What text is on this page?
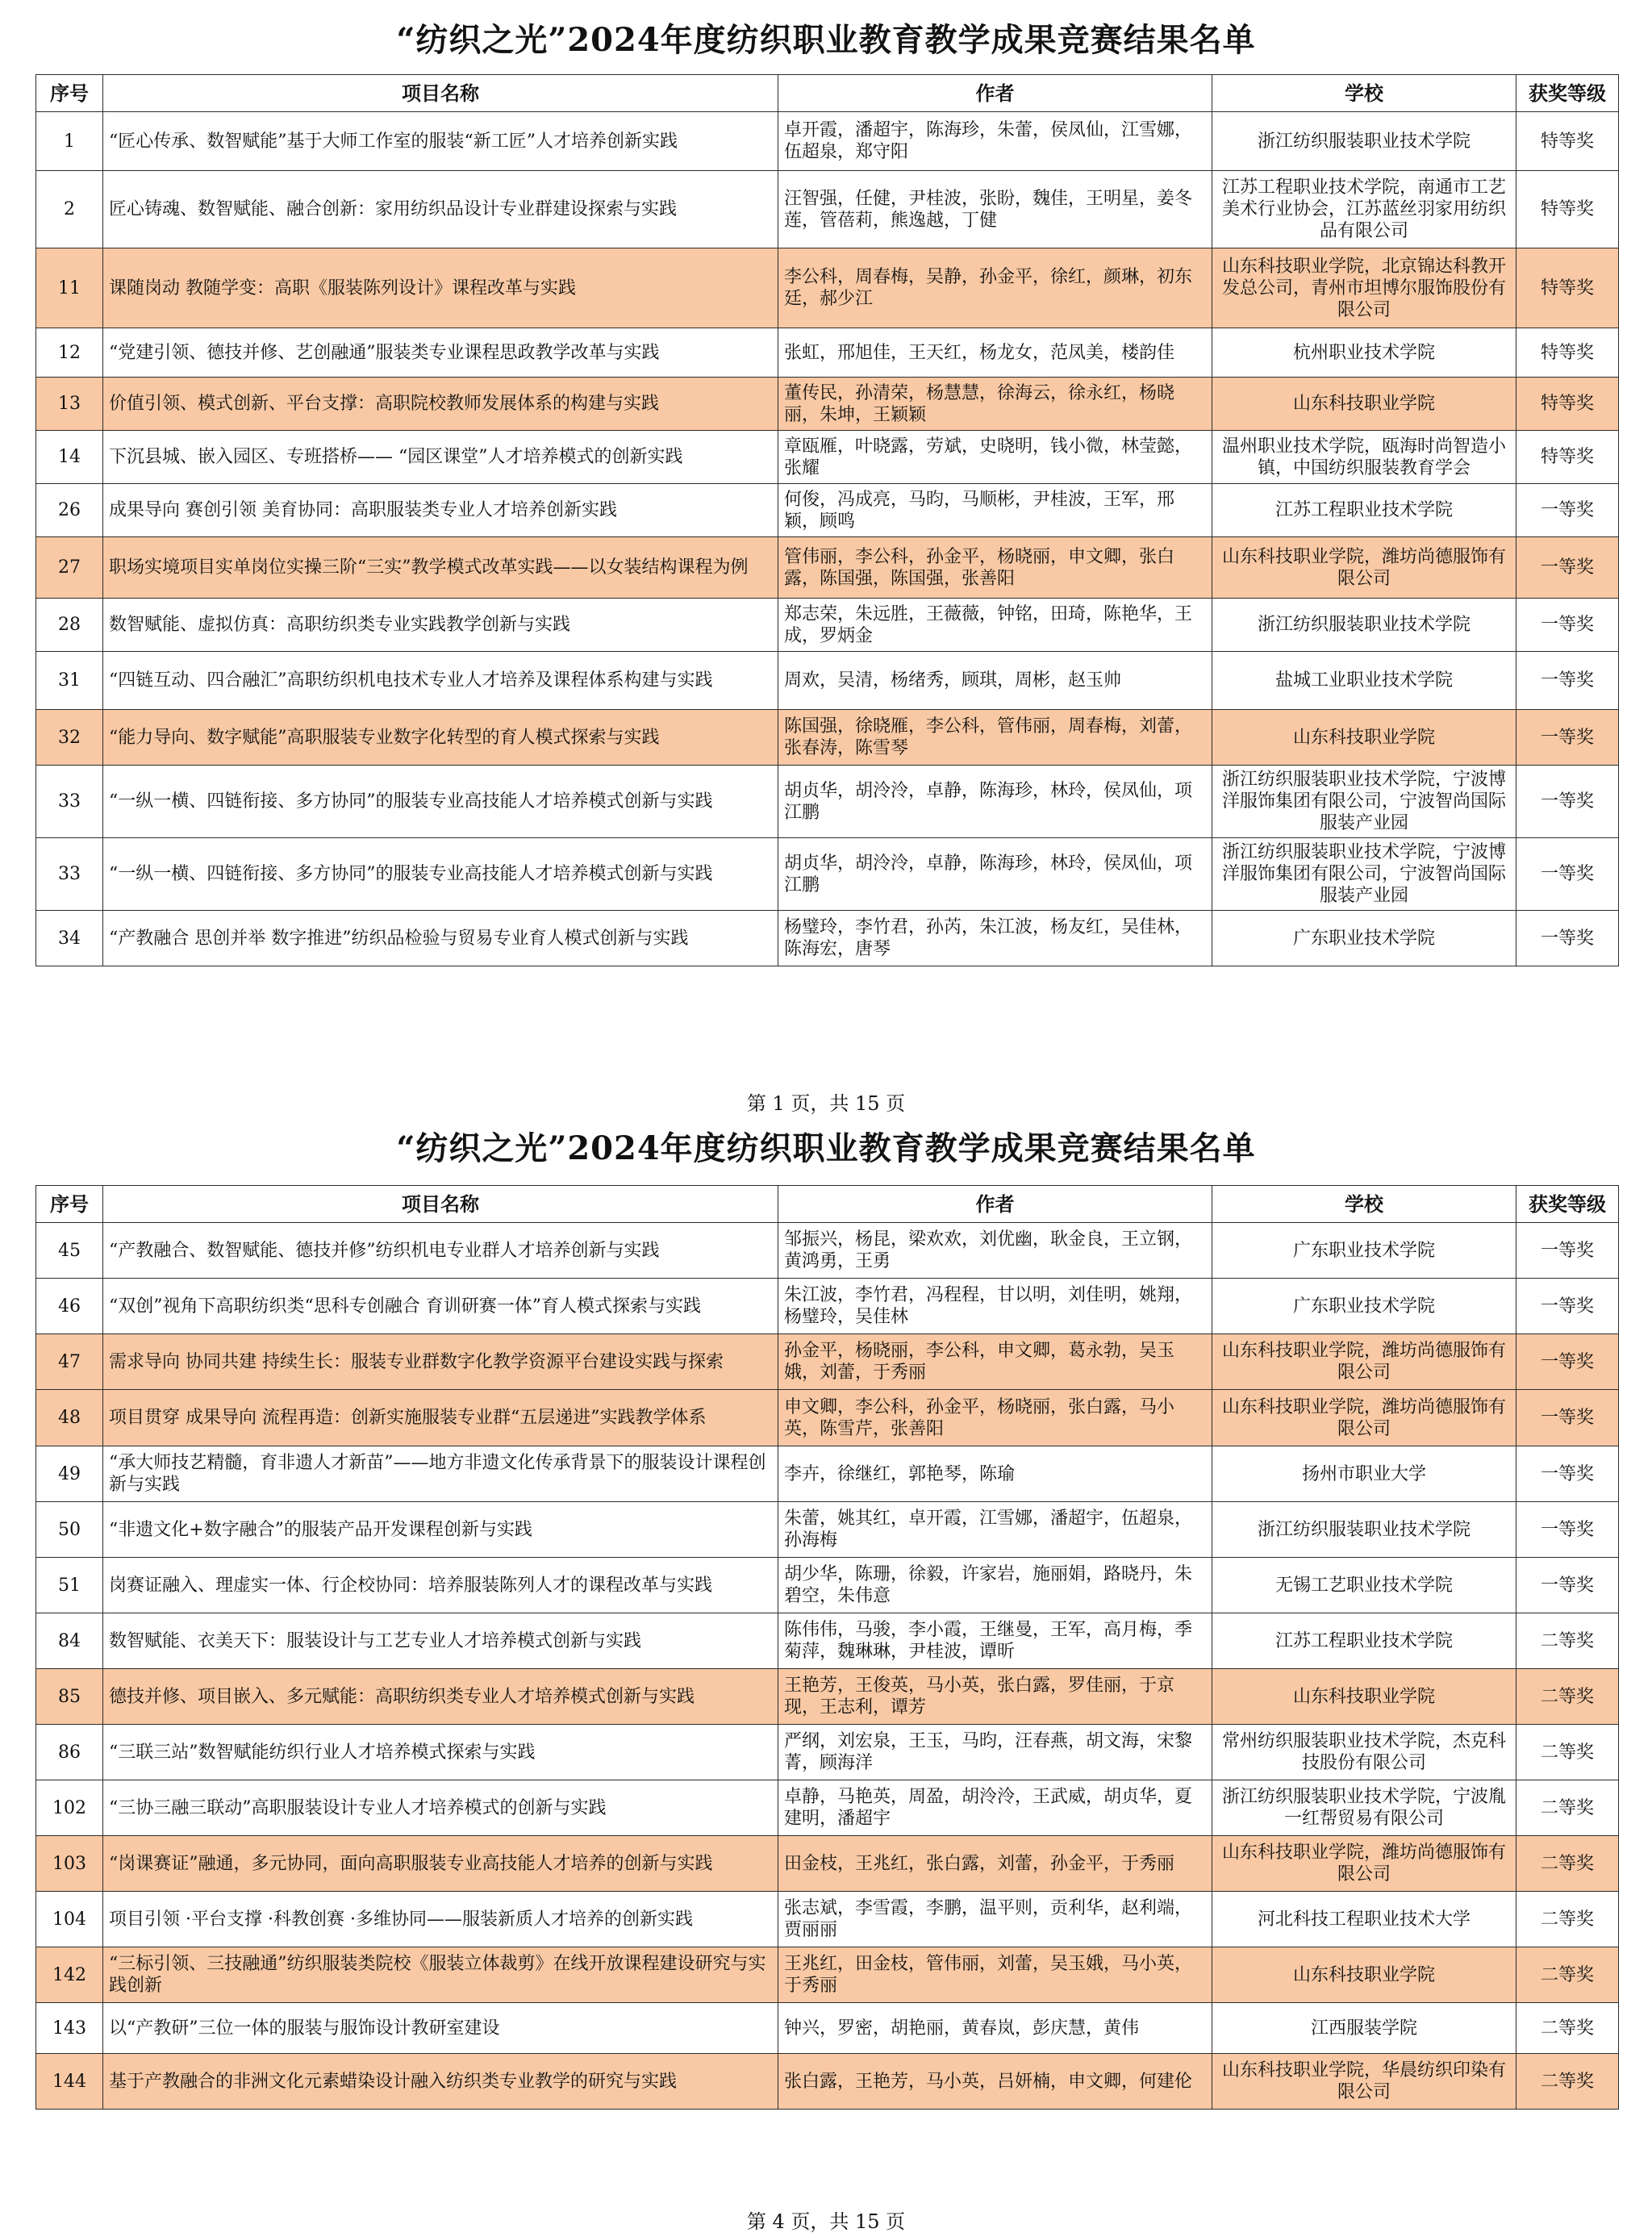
“纺织之光”2024年度纺织职业教育教学成果竞赛结果名单
序号	项目名称	作者	学校	获奖等级
1	“匠心传承、数智赋能”基于大师工作室的服装“新工匠”人才培养创新实践	卓开霞，潘超宇，陈海珍，朱蕾，侯凤仙，江雪娜，伍超泉，郑守阳	浙江纺织服装职业技术学院	特等奖
2	匠心铸魂、数智赋能、融合创新：家用纺织品设计专业群建设探索与实践	汪智强，任健，尹桂波，张盼，魏佳，王明星，姜冬莲，管蓓莉，熊逸越，丁健	江苏工程职业技术学院，南通市工艺美术行业协会，江苏蓝丝羽家用纺织品有限公司	特等奖
11	课随岗动 教随学变：高职《服装陈列设计》课程改革与实践	李公科，周春梅，吴静，孙金平，徐红，颜琳，初东廷，郝少江	山东科技职业学院，北京锦达科教开发总公司，青州市坦博尔服饰股份有限公司	特等奖
12	“党建引领、德技并修、艺创融通”服装类专业课程思政教学改革与实践	张虹，邢旭佳，王天红，杨龙女，范凤美，楼韵佳	杭州职业技术学院	特等奖
13	价值引领、模式创新、平台支撑：高职院校教师发展体系的构建与实践	董传民，孙清荣，杨慧慧，徐海云，徐永红，杨晓丽，朱坤，王颖颖	山东科技职业学院	特等奖
14	下沉县城、嵌入园区、专班搭桥—— “园区课堂”人才培养模式的创新实践	章瓯雁，叶晓露，劳斌，史晓明，钱小微，林莹懿，张耀	温州职业技术学院，瓯海时尚智造小镇，中国纺织服装教育学会	特等奖
26	成果导向 赛创引领 美育协同：高职服装类专业人才培养创新实践	何俊，冯成亮，马昀，马顺彬，尹桂波，王军，邢颖，顾鸣	江苏工程职业技术学院	一等奖
27	职场实境项目实单岗位实操三阶“三实”教学模式改革实践——以女装结构课程为例	管伟丽，李公科，孙金平，杨晓丽，申文卿，张白露，陈国强，陈国强，张善阳	山东科技职业学院，潍坊尚德服饰有限公司	一等奖
28	数智赋能、虚拟仿真：高职纺织类专业实践教学创新与实践	郑志荣，朱远胜，王薇薇，钟铭，田琦，陈艳华，王成，罗炳金	浙江纺织服装职业技术学院	一等奖
31	“四链互动、四合融汇”高职纺织机电技术专业人才培养及课程体系构建与实践	周欢，吴清，杨绪秀，顾琪，周彬，赵玉帅	盐城工业职业技术学院	一等奖
32	“能力导向、数字赋能”高职服装专业数字化转型的育人模式探索与实践	陈国强，徐晓雁，李公科，管伟丽，周春梅，刘蕾，张春涛，陈雪琴	山东科技职业学院	一等奖
33	“一纵一横、四链衔接、多方协同”的服装专业高技能人才培养模式创新与实践	胡贞华，胡泠泠，卓静，陈海珍，林玲，侯凤仙，项江鹏	浙江纺织服装职业技术学院，宁波博洋服饰集团有限公司，宁波智尚国际服装产业园	一等奖
33	“一纵一横、四链衔接、多方协同”的服装专业高技能人才培养模式创新与实践	胡贞华，胡泠泠，卓静，陈海珍，林玲，侯凤仙，项江鹏	浙江纺织服装职业技术学院，宁波博洋服饰集团有限公司，宁波智尚国际服装产业园	一等奖
34	“产教融合 思创并举 数字推进”纺织品检验与贸易专业育人模式创新与实践	杨璧玲，李竹君，孙芮，朱江波，杨友红，吴佳林，陈海宏，唐琴	广东职业技术学院	一等奖
第 1 页，共 15 页
“纺织之光”2024年度纺织职业教育教学成果竞赛结果名单
序号	项目名称	作者	学校	获奖等级
45	“产教融合、数智赋能、德技并修”纺织机电专业群人才培养创新与实践	邹振兴，杨昆，梁欢欢，刘优幽，耿金良，王立钢，黄鸿勇，王勇	广东职业技术学院	一等奖
46	“双创”视角下高职纺织类“思科专创融合 育训研赛一体”育人模式探索与实践	朱江波，李竹君，冯程程，甘以明，刘佳明，姚翔，杨璧玲，吴佳林	广东职业技术学院	一等奖
47	需求导向 协同共建 持续生长：服装专业群数字化教学资源平台建设实践与探索	孙金平，杨晓丽，李公科，申文卿，葛永勃，吴玉娥，刘蕾，于秀丽	山东科技职业学院，潍坊尚德服饰有限公司	一等奖
48	项目贯穿 成果导向 流程再造：创新实施服装专业群“五层递进”实践教学体系	申文卿，李公科，孙金平，杨晓丽，张白露，马小英，陈雪芹，张善阳	山东科技职业学院，潍坊尚德服饰有限公司	一等奖
49	“承大师技艺精髓，育非遗人才新苗”——地方非遗文化传承背景下的服装设计课程创新与实践	李卉，徐继红，郭艳琴，陈瑜	扬州市职业大学	一等奖
50	“非遗文化+数字融合”的服装产品开发课程创新与实践	朱蕾，姚其红，卓开霞，江雪娜，潘超宇，伍超泉，孙海梅	浙江纺织服装职业技术学院	一等奖
51	岗赛证融入、理虚实一体、行企校协同：培养服装陈列人才的课程改革与实践	胡少华，陈珊，徐毅，许家岩，施丽娟，路晓丹，朱碧空，朱伟意	无锡工艺职业技术学院	一等奖
84	数智赋能、衣美天下：服装设计与工艺专业人才培养模式创新与实践	陈伟伟，马骏，李小霞，王继曼，王军，高月梅，季菊萍，魏琳琳，尹桂波，谭昕	江苏工程职业技术学院	二等奖
85	德技并修、项目嵌入、多元赋能：高职纺织类专业人才培养模式创新与实践	王艳芳，王俊英，马小英，张白露，罗佳丽，于京现，王志利，谭芳	山东科技职业学院	二等奖
86	“三联三站”数智赋能纺织行业人才培养模式探索与实践	严纲，刘宏泉，王玉，马昀，汪春燕，胡文海，宋黎菁，顾海洋	常州纺织服装职业技术学院，杰克科技股份有限公司	二等奖
102	“三协三融三联动”高职服装设计专业人才培养模式的创新与实践	卓静，马艳英，周盈，胡泠泠，王武威，胡贞华，夏建明，潘超宇	浙江纺织服装职业技术学院，宁波胤一红帮贸易有限公司	二等奖
103	“岗课赛证”融通，多元协同，面向高职服装专业高技能人才培养的创新与实践	田金枝，王兆红，张白露，刘蕾，孙金平，于秀丽	山东科技职业学院，潍坊尚德服饰有限公司	二等奖
104	项目引领 ·平台支撑 ·科教创赛 ·多维协同——服装新质人才培养的创新实践	张志斌，李雪霞，李鹏，温平则，贡利华，赵利端，贾丽丽	河北科技工程职业技术大学	二等奖
142	“三标引领、三技融通”纺织服装类院校《服装立体裁剪》在线开放课程建设研究与实践创新	王兆红，田金枝，管伟丽，刘蕾，吴玉娥，马小英，于秀丽	山东科技职业学院	二等奖
143	以“产教研”三位一体的服装与服饰设计教研室建设	钟兴，罗密，胡艳丽，黄春岚，彭庆慧，黄伟	江西服装学院	二等奖
144	基于产教融合的非洲文化元素蜡染设计融入纺织类专业教学的研究与实践	张白露，王艳芳，马小英，吕妍楠，申文卿，何建伦	山东科技职业学院，华晨纺织印染有限公司	二等奖
第 4 页，共 15 页
